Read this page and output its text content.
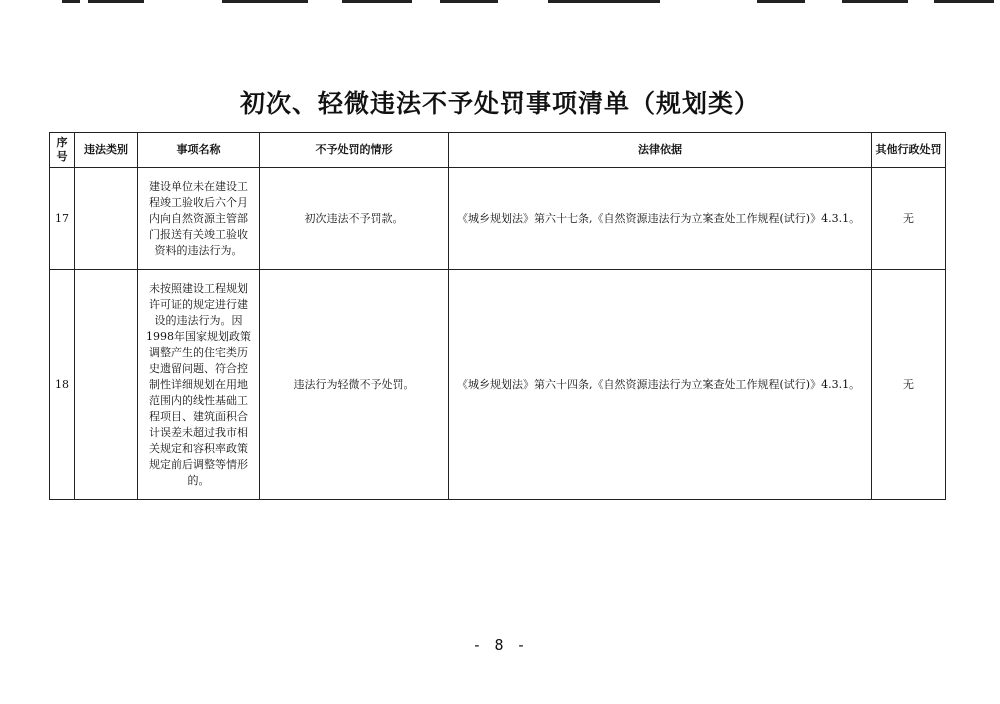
初次、轻微违法不予处罚事项清单（规划类）
序号	违法类别	事项名称	不予处罚的情形	法律依据	其他行政处罚
17		建设单位未在建设工程竣工验收后六个月内向自然资源主管部门报送有关竣工验收资料的违法行为。	初次违法不予罚款。	《城乡规划法》第六十七条,《自然资源违法行为立案查处工作规程(试行)》4.3.1。	无
18		未按照建设工程规划许可证的规定进行建设的违法行为。因1998年国家规划政策调整产生的住宅类历史遗留问题、符合控制性详细规划在用地范围内的线性基础工程项目、建筑面积合计误差未超过我市相关规定和容积率政策规定前后调整等情形的。	违法行为轻微不予处罚。	《城乡规划法》第六十四条,《自然资源违法行为立案查处工作规程(试行)》4.3.1。	无
- 8 -
